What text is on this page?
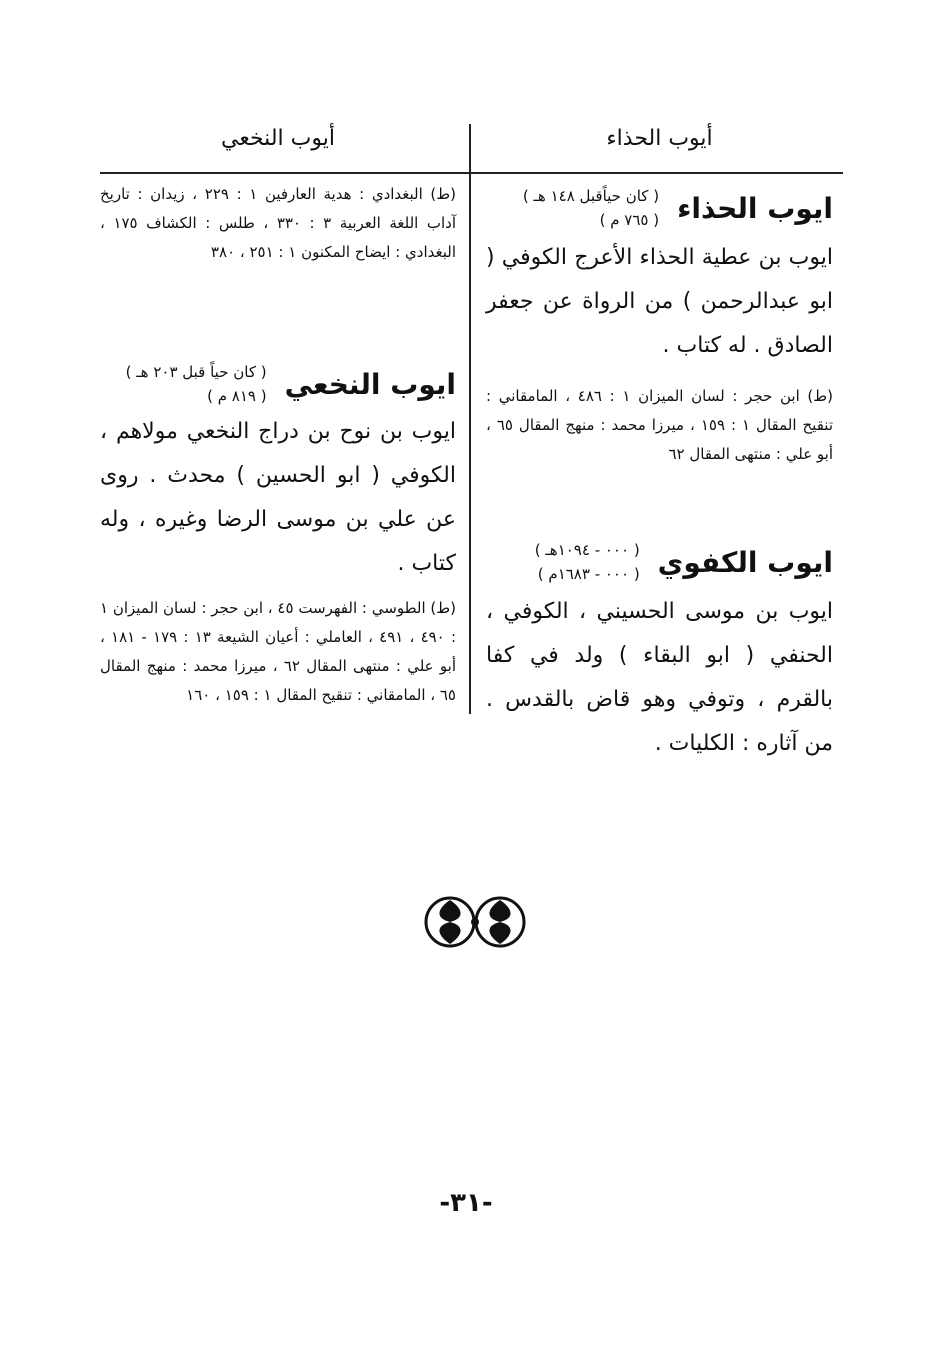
أيوب الحذاء
أيوب النخعي
ايوب الحذاء
( كان حياًقبل ١٤٨ هـ )
( ٧٦٥ م )
ايوب بن عطية الحذاء الأعرج الكوفي ( ابو عبدالرحمن ) من الرواة عن جعفر الصادق . له كتاب .
(ط) ابن حجر : لسان الميزان ١ : ٤٨٦ ، المامقاني : تنقيح المقال ١ : ١٥٩ ، ميرزا محمد : منهج المقال ٦٥ ، أبو علي : منتهى المقال ٦٢
ايوب الكفوي
( ٠٠٠ - ١٠٩٤هـ )
( ٠٠٠ - ١٦٨٣م )
ايوب بن موسى الحسيني ، الكوفي ، الحنفي ( ابو البقاء ) ولد في كفا بالقرم ، وتوفي وهو قاض بالقدس . من آثاره : الكليات .
(ط) البغدادي : هدية العارفين ١ : ٢٢٩ ، زيدان : تاريخ آداب اللغة العربية ٣ : ٣٣٠ ، طلس : الكشاف ١٧٥ ، البغدادي : ايضاح المكنون ١ : ٢٥١ ، ٣٨٠
ايوب النخعي
( كان حياً قبل ٢٠٣ هـ )
( ٨١٩ م )
ايوب بن نوح بن دراج النخعي مولاهم ، الكوفي ( ابو الحسين ) محدث . روى عن علي بن موسى الرضا وغيره ، وله كتاب .
(ط) الطوسي : الفهرست ٤٥ ، ابن حجر : لسان الميزان ١ : ٤٩٠ ، ٤٩١ ، العاملي : أعيان الشيعة ١٣ : ١٧٩ - ١٨١ ، أبو علي : منتهى المقال ٦٢ ، ميرزا محمد : منهج المقال ٦٥ ، المامقاني : تنقيح المقال ١ : ١٥٩ ، ١٦٠
-٣١-
